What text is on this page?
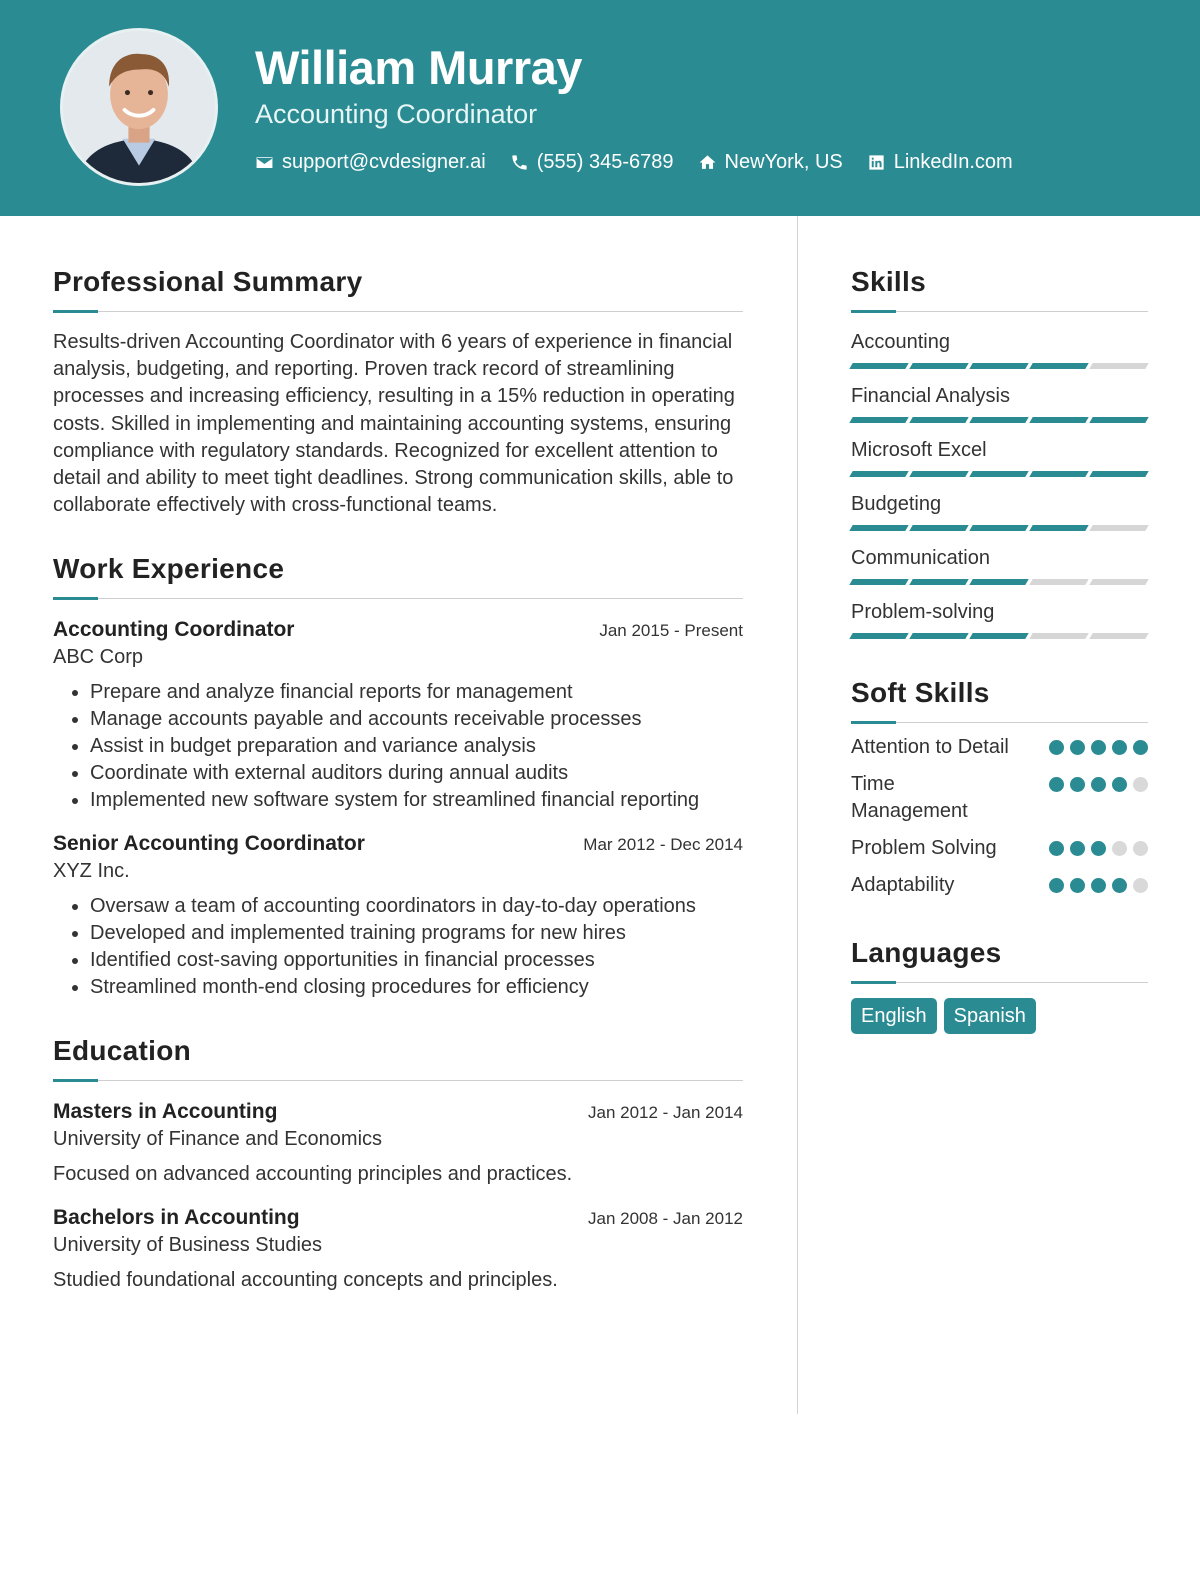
William Murray
Accounting Coordinator
support@cvdesigner.ai	(555) 345-6789	NewYork, US	LinkedIn.com
Professional Summary

Results-driven Accounting Coordinator with 6 years of experience in financial analysis, budgeting, and reporting. Proven track record of streamlining processes and increasing efficiency, resulting in a 15% reduction in operating costs. Skilled in implementing and maintaining accounting systems, ensuring compliance with regulatory standards. Recognized for excellent attention to detail and ability to meet tight deadlines. Strong communication skills, able to collaborate effectively with cross-functional teams.

Work Experience
Accounting Coordinator	Jan 2015 - Present
ABC Corp
• Prepare and analyze financial reports for management
• Manage accounts payable and accounts receivable processes
• Assist in budget preparation and variance analysis
• Coordinate with external auditors during annual audits
• Implemented new software system for streamlined financial reporting
Senior Accounting Coordinator	Mar 2012 - Dec 2014
XYZ Inc.
• Oversaw a team of accounting coordinators in day-to-day operations
• Developed and implemented training programs for new hires
• Identified cost-saving opportunities in financial processes
• Streamlined month-end closing procedures for efficiency
Education
Masters in Accounting	Jan 2012 - Jan 2014
University of Finance and Economics

Focused on advanced accounting principles and practices.

Bachelors in Accounting	Jan 2008 - Jan 2012
University of Business Studies

Studied foundational accounting concepts and principles.

Skills
Accounting
Financial Analysis
Microsoft Excel
Budgeting
Communication
Problem-solving
Soft Skills
Attention to Detail
Time Management
Problem Solving
Adaptability
Languages
English	Spanish
